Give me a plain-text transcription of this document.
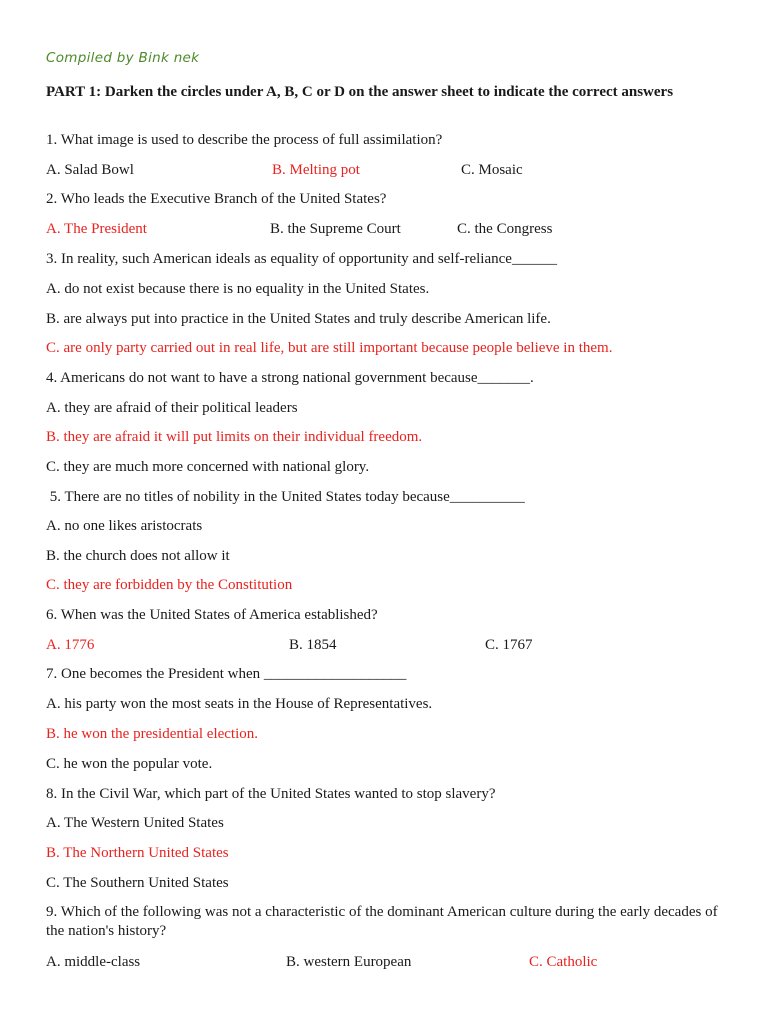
Compiled by Bink nek
PART 1: Darken the circles under A, B, C or D on the answer sheet to indicate the correct answers
1. What image is used to describe the process of full assimilation?
A. Salad Bowl	B. Melting pot	C. Mosaic
2. Who leads the Executive Branch of the United States?
A. The President	B. the Supreme Court	C. the Congress
3. In reality, such American ideals as equality of opportunity and self-reliance______
A. do not exist because there is no equality in the United States.
B. are always put into practice in the United States and truly describe American life.
C. are only party carried out in real life, but are still important because people believe in them.
4. Americans do not want to have a strong national government because_______.
A. they are afraid of their political leaders
B. they are afraid it will put limits on their individual freedom.
C. they are much more concerned with national glory.
5. There are no titles of nobility in the United States today because__________
A. no one likes aristocrats
B. the church does not allow it
C. they are forbidden by the Constitution
6. When was the United States of America established?
A. 1776	B. 1854	C. 1767
7. One becomes the President when ___________________
A. his party won the most seats in the House of Representatives.
B. he won the presidential election.
C. he won the popular vote.
8. In the Civil War, which part of the United States wanted to stop slavery?
A. The Western United States
B. The Northern United States
C. The Southern United States
9. Which of the following was not a characteristic of the dominant American culture during the early decades of the nation's history?
A. middle-class	B. western European	C. Catholic
